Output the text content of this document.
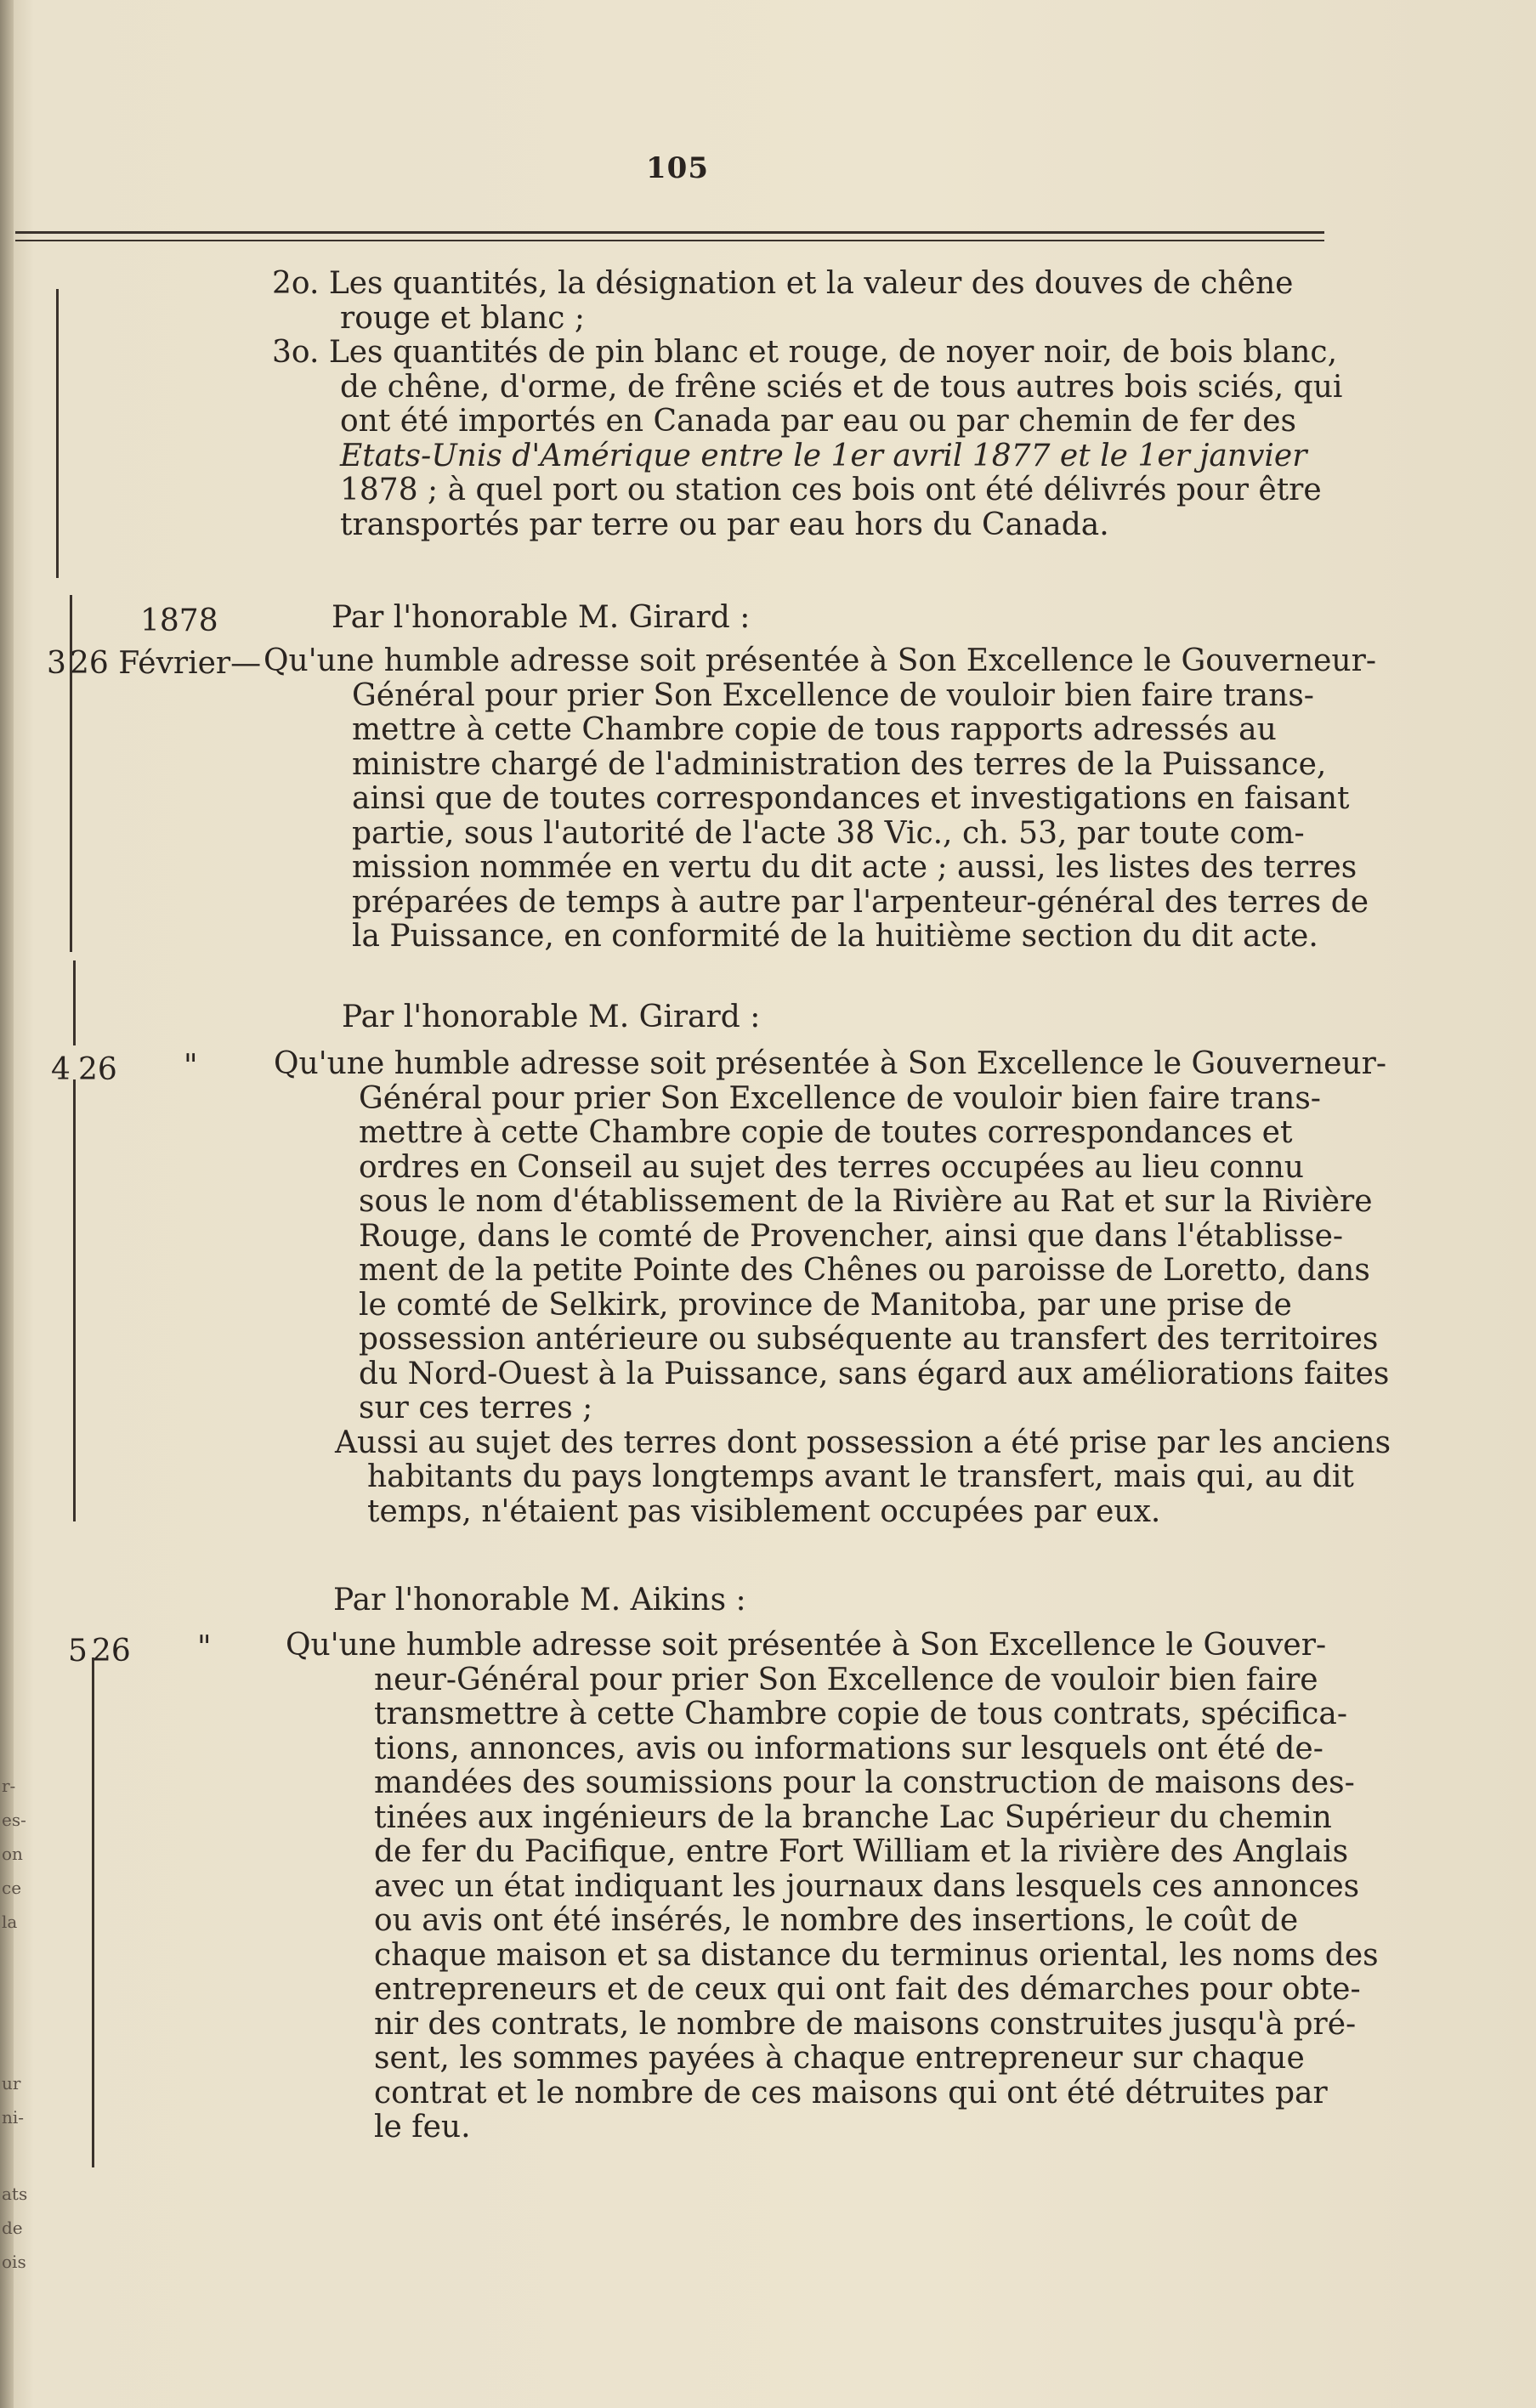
r-
es-
on
ce
la
ur
ni-
ats
de
ois
105
2o. Les quantités, la désignation et la valeur des douves de chêne
rouge et blanc ;
3o. Les quantités de pin blanc et rouge, de noyer noir, de bois blanc,
de chêne, d'orme, de frêne sciés et de tous autres bois sciés, qui
ont été importés en Canada par eau ou par chemin de fer des
Etats-Unis d'Amérique entre le 1er avril 1877 et le 1er janvier
1878 ; à quel port ou station ces bois ont été délivrés pour être
transportés par terre ou par eau hors du Canada.
1878	Par l'honorable M. Girard :
3 26 Février— Qu'une humble adresse soit présentée à Son Excellence le Gouverneur-
Général pour prier Son Excellence de vouloir bien faire trans-
mettre à cette Chambre copie de tous rapports adressés au
ministre chargé de l'administration des terres de la Puissance,
ainsi que de toutes correspondances et investigations en faisant
partie, sous l'autorité de l'acte 38 Vic., ch. 53, par toute com-
mission nommée en vertu du dit acte ; aussi, les listes des terres
préparées de temps à autre par l'arpenteur-général des terres de
la Puissance, en conformité de la huitième section du dit acte.
Par l'honorable M. Girard :
4 26 " Qu'une humble adresse soit présentée à Son Excellence le Gouverneur-
Général pour prier Son Excellence de vouloir bien faire trans-
mettre à cette Chambre copie de toutes correspondances et
ordres en Conseil au sujet des terres occupées au lieu connu
sous le nom d'établissement de la Rivière au Rat et sur la Rivière
Rouge, dans le comté de Provencher, ainsi que dans l'établisse-
ment de la petite Pointe des Chênes ou paroisse de Loretto, dans
le comté de Selkirk, province de Manitoba, par une prise de
possession antérieure ou subséquente au transfert des territoires
du Nord-Ouest à la Puissance, sans égard aux améliorations faites
sur ces terres ;
Aussi au sujet des terres dont possession a été prise par les anciens
habitants du pays longtemps avant le transfert, mais qui, au dit
temps, n'étaient pas visiblement occupées par eux.
Par l'honorable M. Aikins :
5 26 " Qu'une humble adresse soit présentée à Son Excellence le Gouver-
neur-Général pour prier Son Excellence de vouloir bien faire
transmettre à cette Chambre copie de tous contrats, spécifica-
tions, annonces, avis ou informations sur lesquels ont été de-
mandées des soumissions pour la construction de maisons des-
tinées aux ingénieurs de la branche Lac Supérieur du chemin
de fer du Pacifique, entre Fort William et la rivière des Anglais
avec un état indiquant les journaux dans lesquels ces annonces
ou avis ont été insérés, le nombre des insertions, le coût de
chaque maison et sa distance du terminus oriental, les noms des
entrepreneurs et de ceux qui ont fait des démarches pour obte-
nir des contrats, le nombre de maisons construites jusqu'à pré-
sent, les sommes payées à chaque entrepreneur sur chaque
contrat et le nombre de ces maisons qui ont été détruites par
le feu.
